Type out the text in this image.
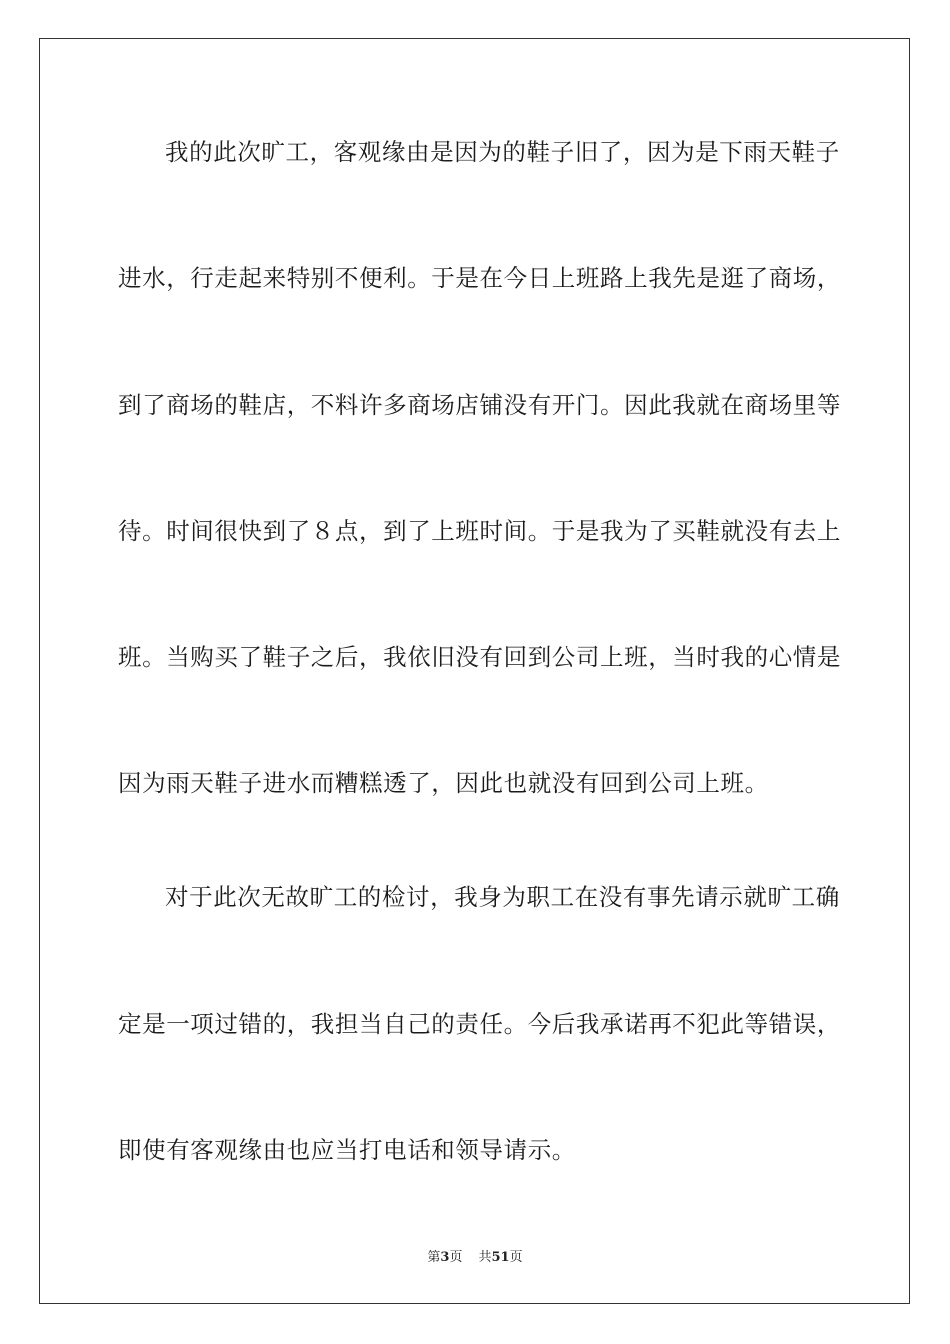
我的此次旷工，客观缘由是因为的鞋子旧了，因为是下雨天鞋子
进水，行走起来特别不便利。于是在今日上班路上我先是逛了商场，
到了商场的鞋店，不料许多商场店铺没有开门。因此我就在商场里等
待。时间很快到了８点，到了上班时间。于是我为了买鞋就没有去上
班。当购买了鞋子之后，我依旧没有回到公司上班，当时我的心情是
因为雨天鞋子进水而糟糕透了，因此也就没有回到公司上班。
对于此次无故旷工的检讨，我身为职工在没有事先请示就旷工确
定是一项过错的，我担当自己的责任。今后我承诺再不犯此等错误，
即使有客观缘由也应当打电话和领导请示。
第3页 共51页
